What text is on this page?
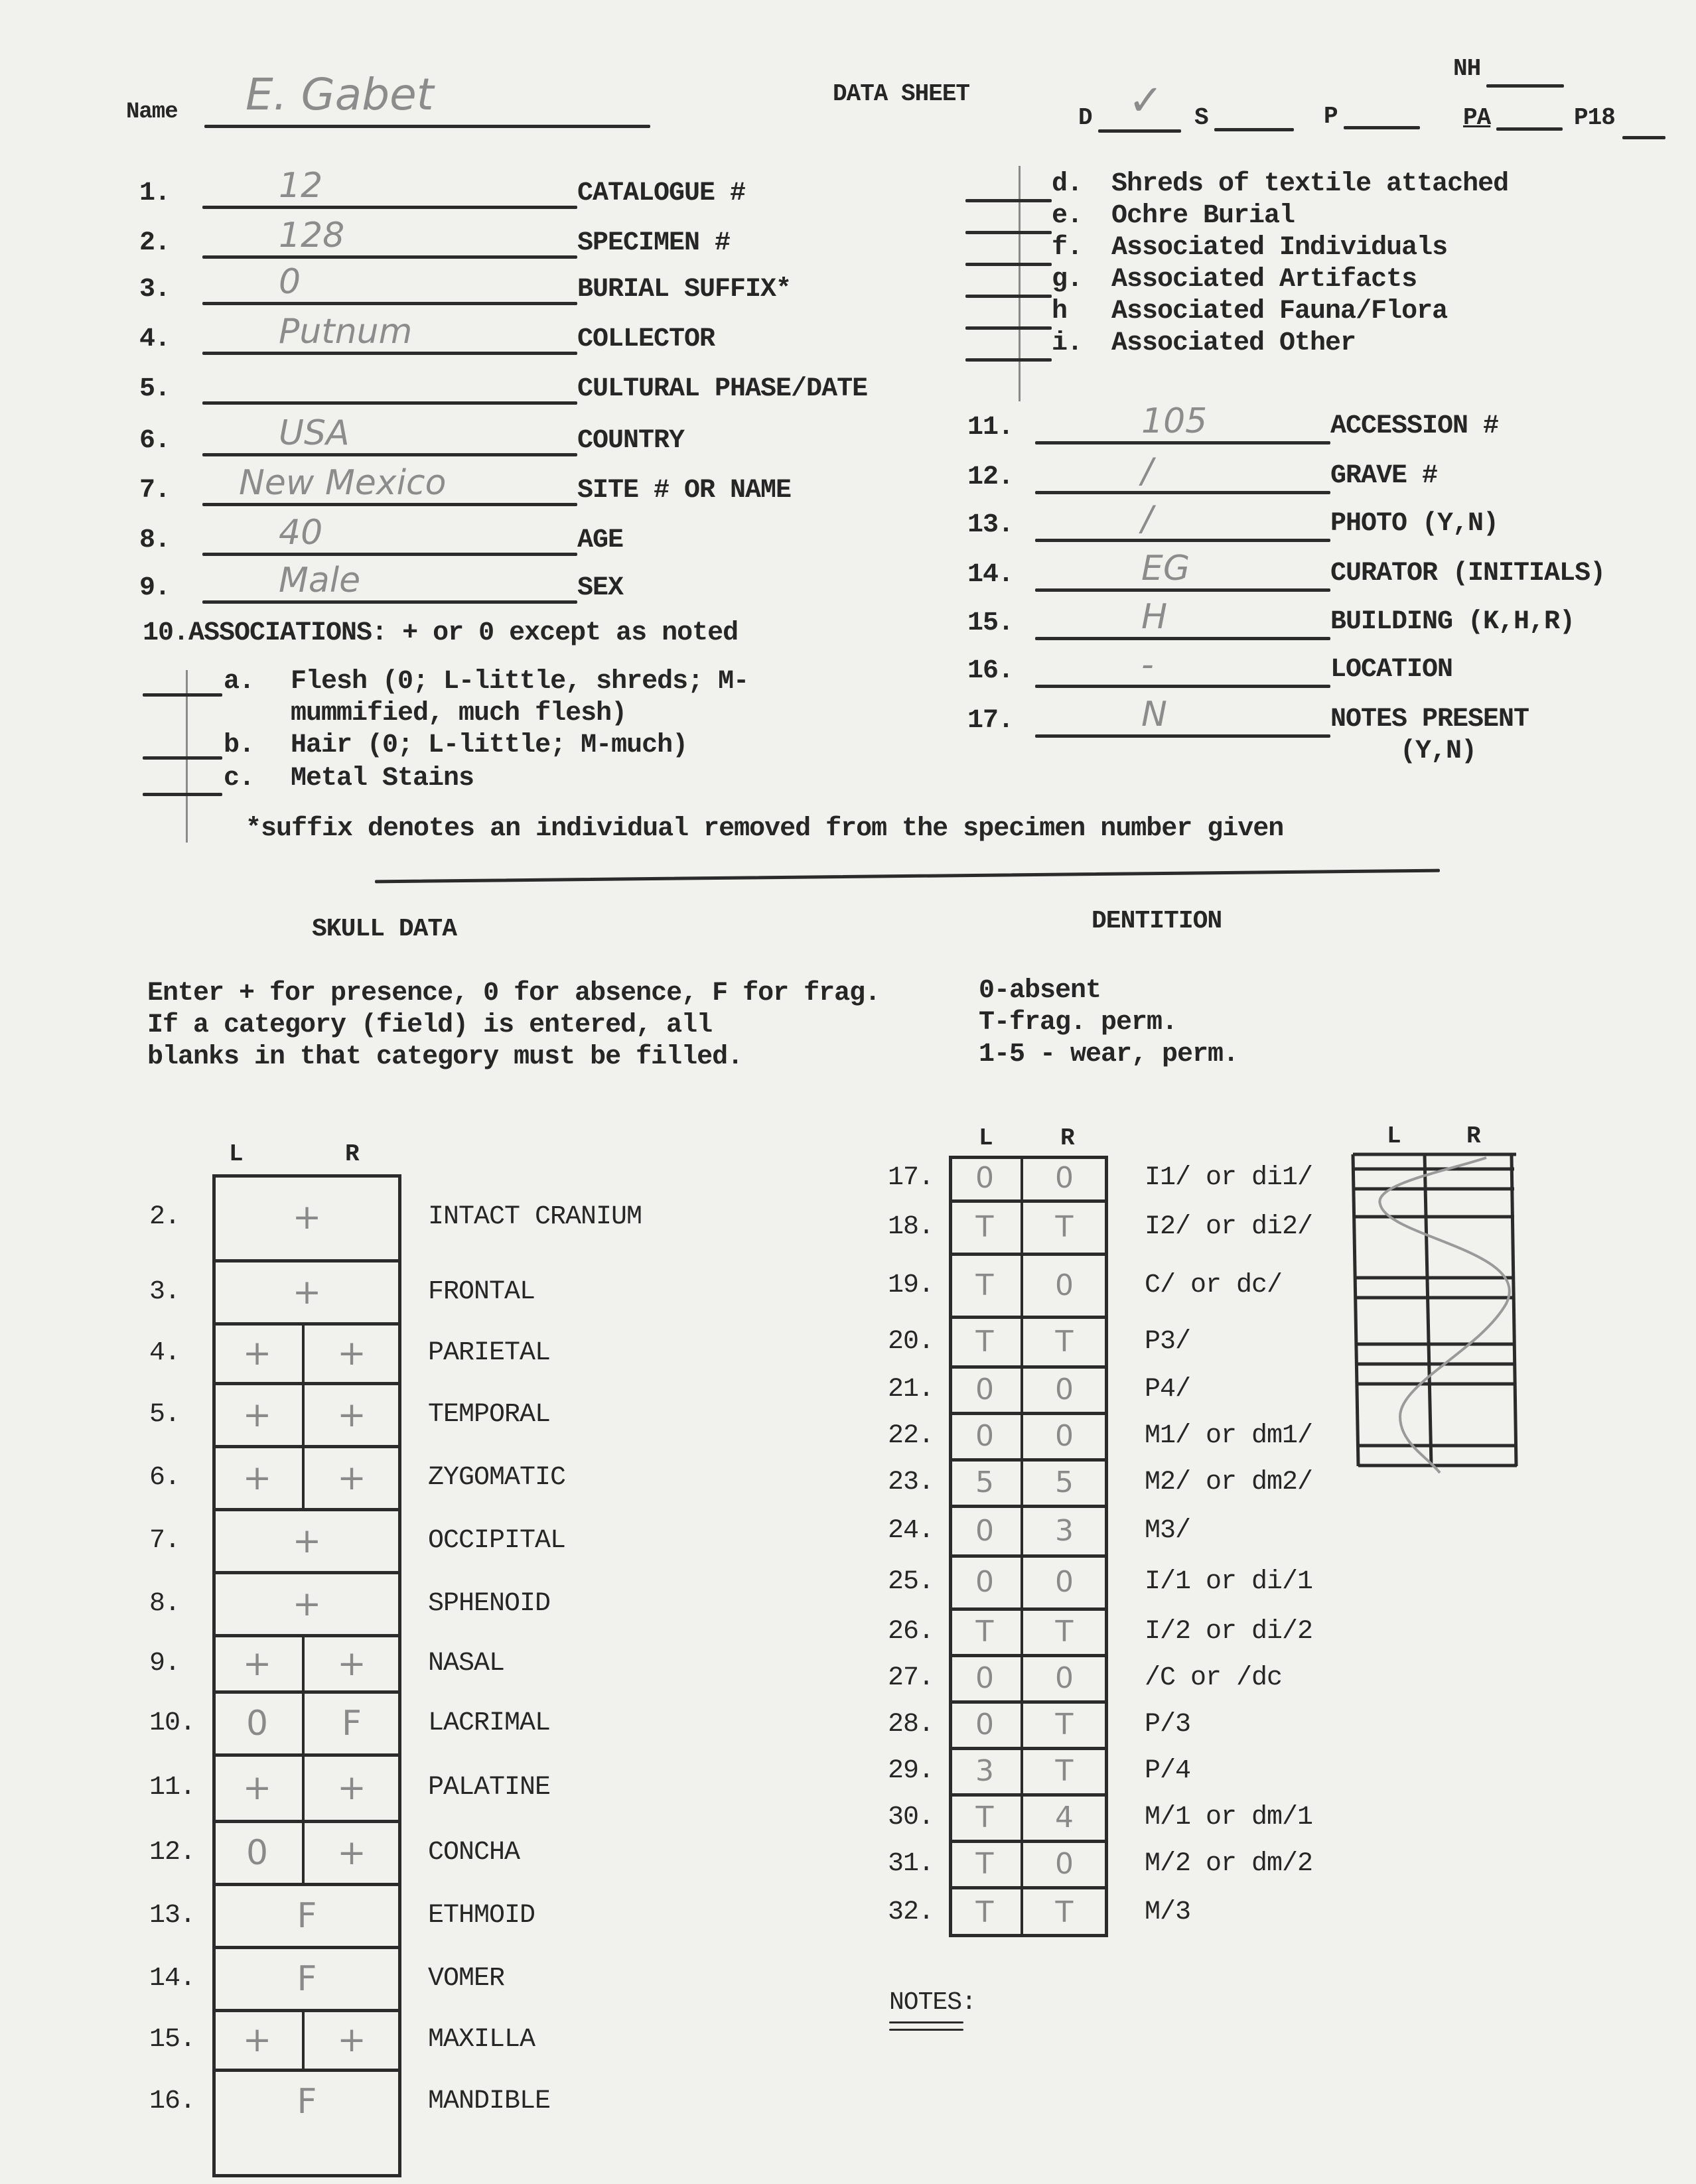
Name E. Gabet	DATA SHEET
D ✓ S	P
NH
PA	P18
1.	12	CATALOGUE #
2.	128	SPECIMEN #
3.	0	BURIAL SUFFIX*
4.	Putnum	COLLECTOR
5.	CULTURAL PHASE/DATE
6.	USA	COUNTRY
7. New Mexico	SITE # OR NAME
8.	40	AGE
9.	Male	SEX
10.ASSOCIATIONS: + or 0 except as noted
a. Flesh (0; L-little, shreds; M-
mummified, much flesh)
b. Hair (0; L-little; M-much)
c. Metal Stains
d. Shreds of textile attached
e. Ochre Burial
f. Associated Individuals
g. Associated Artifacts
h Associated Fauna/Flora
i. Associated Other
*suffix denotes an individual removed from the specimen number given
11.	105	ACCESSION #
12.	/	GRAVE #
13.	/	PHOTO (Y,N)
14.	EG	CURATOR (INITIALS)
15.	H	BUILDING (K,H,R)
16.	-	LOCATION
17.	N	NOTES PRESENT
(Y,N)
SKULL DATA
Enter + for presence, 0 for absence, F for frag.
If a category (field) is entered, all
blanks in that category must be filled.
L	R
2.	INTACT CRANIUM
+
3.	FRONTAL
+
4.	PARIETAL
+ +
5.	TEMPORAL
+ +
6.	ZYGOMATIC
+ +
7.	OCCIPITAL
+
8.	SPHENOID
+
9.	NASAL
+ +
10.	LACRIMAL
0 F
11.	PALATINE
+ +
12.	CONCHA
0 +
13.	ETHMOID
F
14.	VOMER
F
15.	MAXILLA
+ +
16.	MANDIBLE
F
DENTITION
0-absent
T-frag. perm.
1-5 - wear, perm.
L	R
17.	I1/ or di1/
0 0
18.	I2/ or di2/
T T
19.	C/ or dc/
T 0
20.	P3/
T T
21.	P4/
0 0
22.	M1/ or dm1/
0 0
23.	M2/ or dm2/
5 5
24.	M3/
0 3
25.	I/1 or di/1
0 0
26.	I/2 or di/2
T T
27.	/C or /dc
0 0
28.	P/3
0 T
29.	P/4
3 T
30.	M/1 or dm/1
T 4
31.	M/2 or dm/2
T 0
32.	M/3
T T
L	R
NOTES:
